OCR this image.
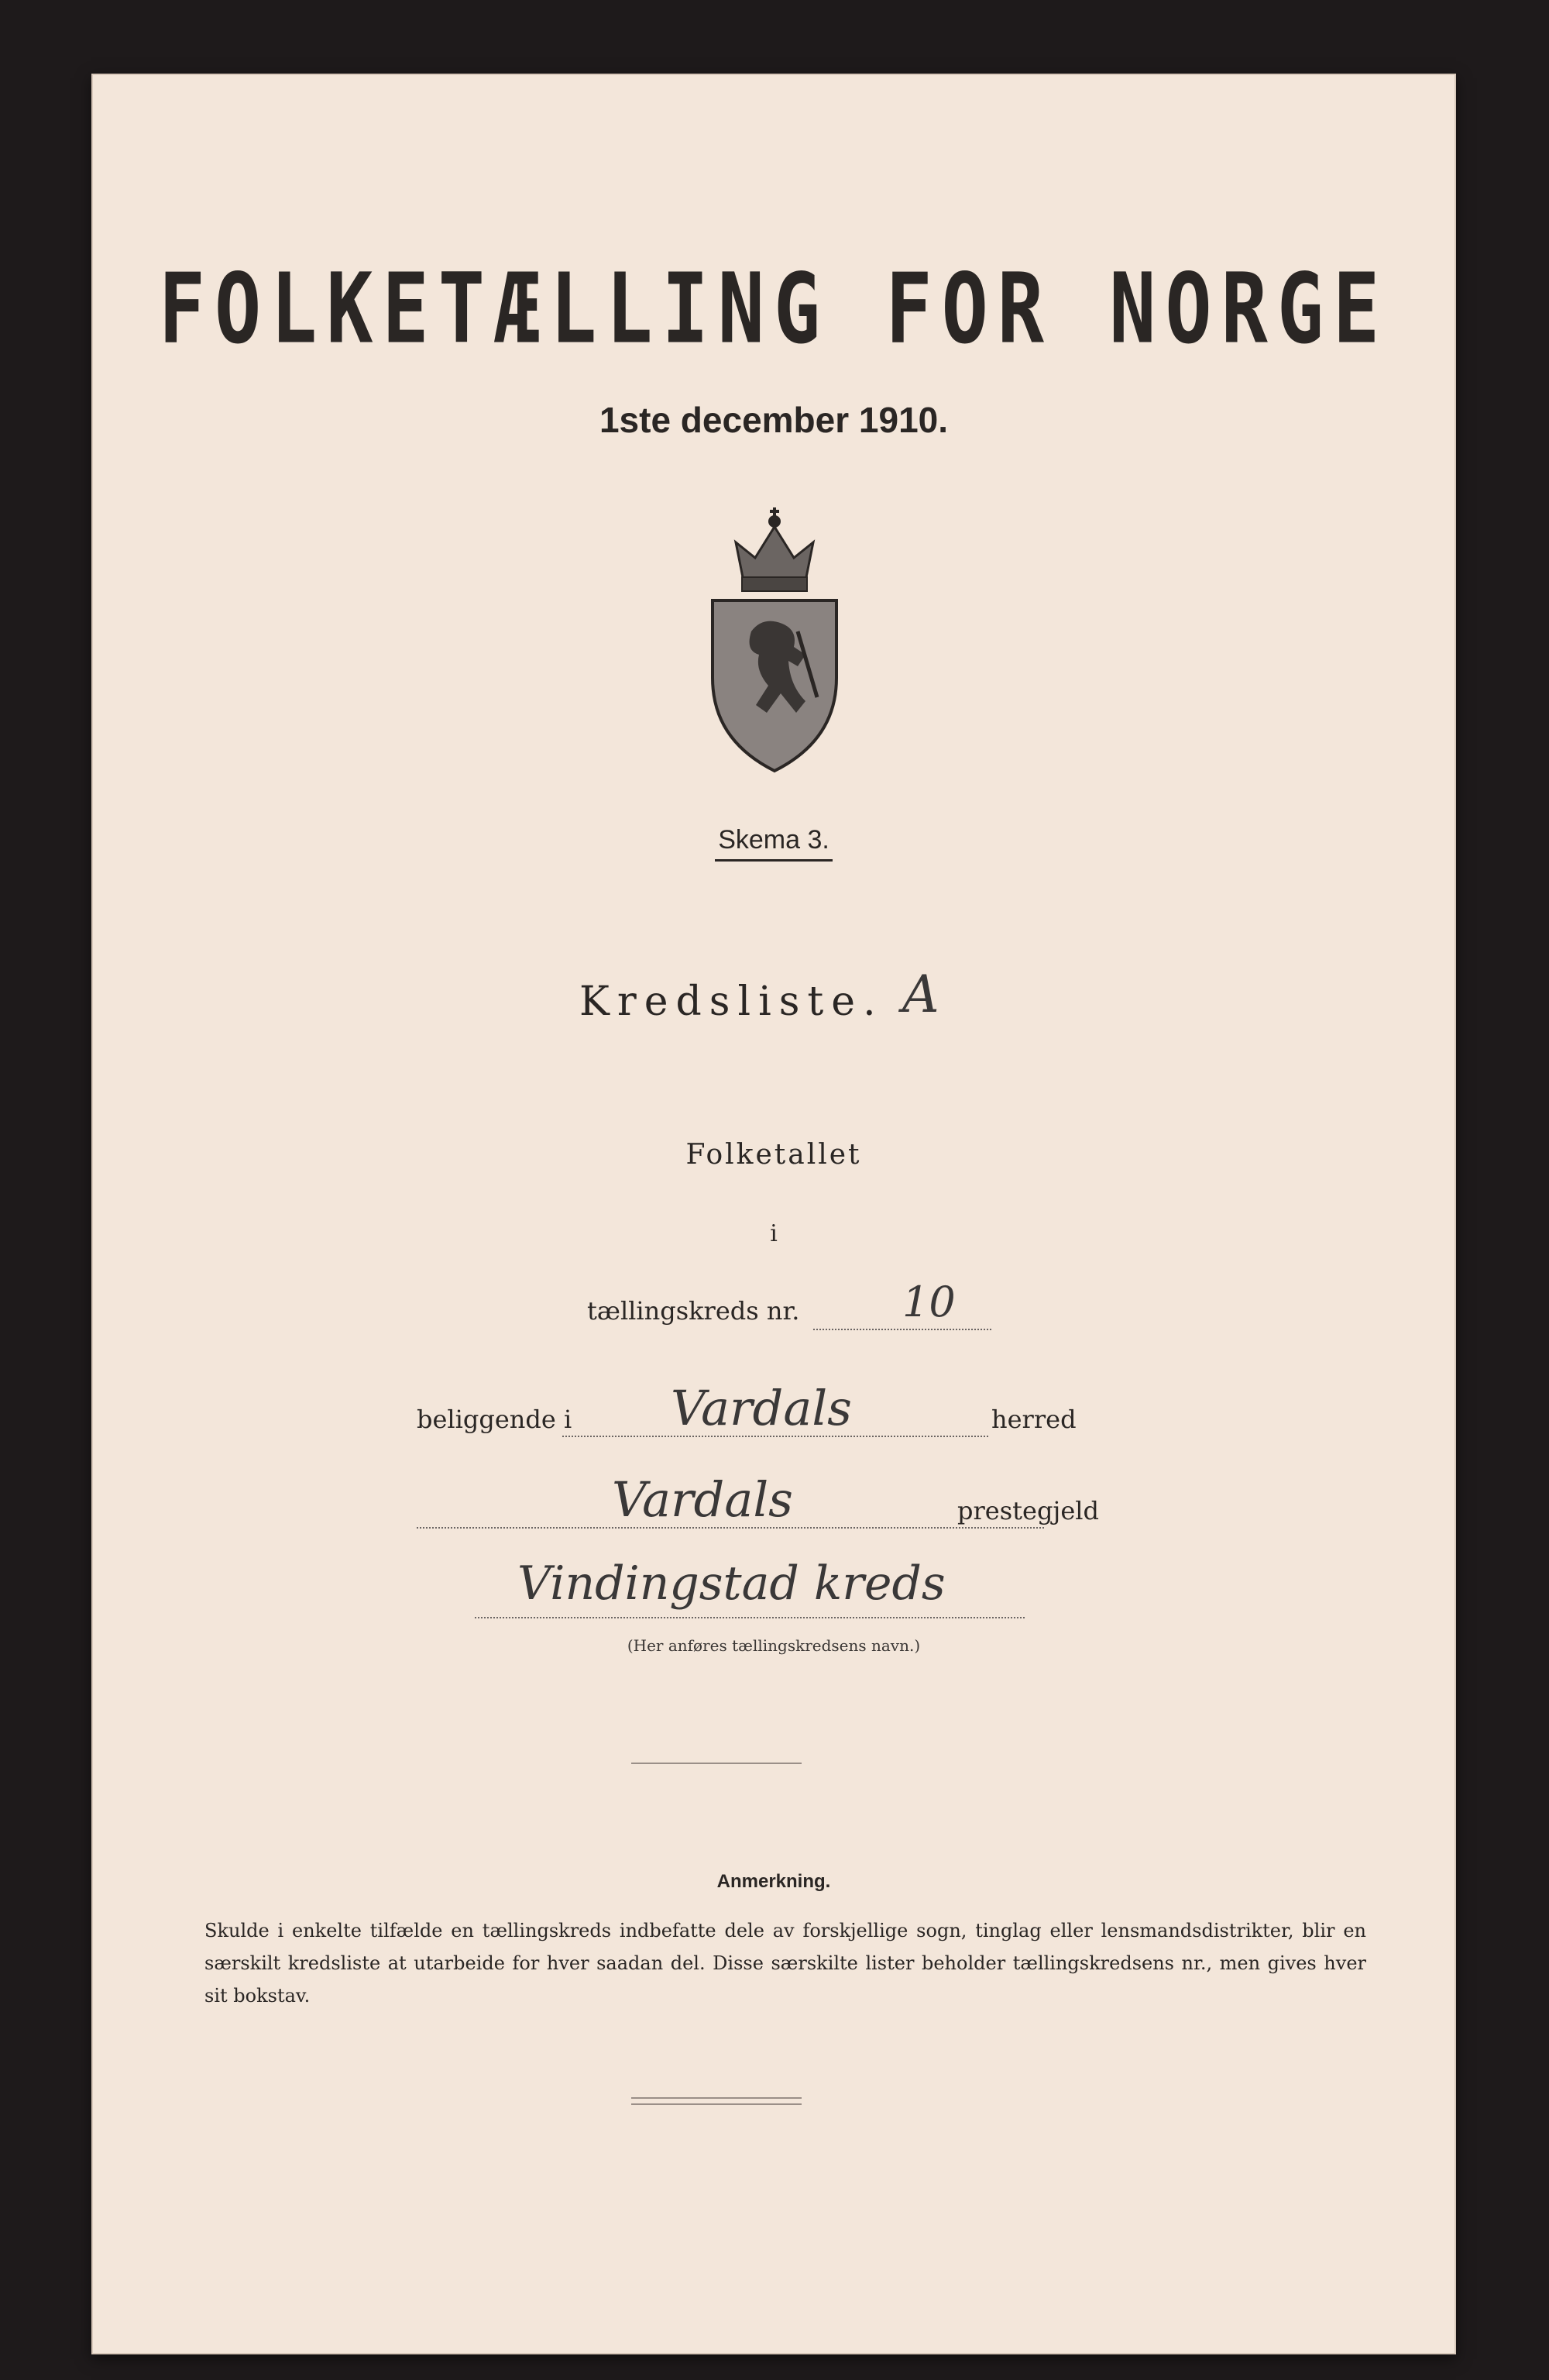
FOLKETÆLLING FOR NORGE
1ste december 1910.
Skema 3.
Kredsliste. A
Folketallet
i
tællingskreds nr. 10
beliggende i Vardals	herred
Vardals	prestegjeld
Vindingstad kreds
(Her anføres tællingskredsens navn.)
Anmerkning.
Skulde i enkelte tilfælde en tællingskreds indbefatte dele av forskjellige sogn, tinglag eller lensmandsdistrikter, blir en særskilt kredsliste at utarbeide for hver saadan del. Disse særskilte lister beholder tællingskredsens nr., men gives hver sit bokstav.
